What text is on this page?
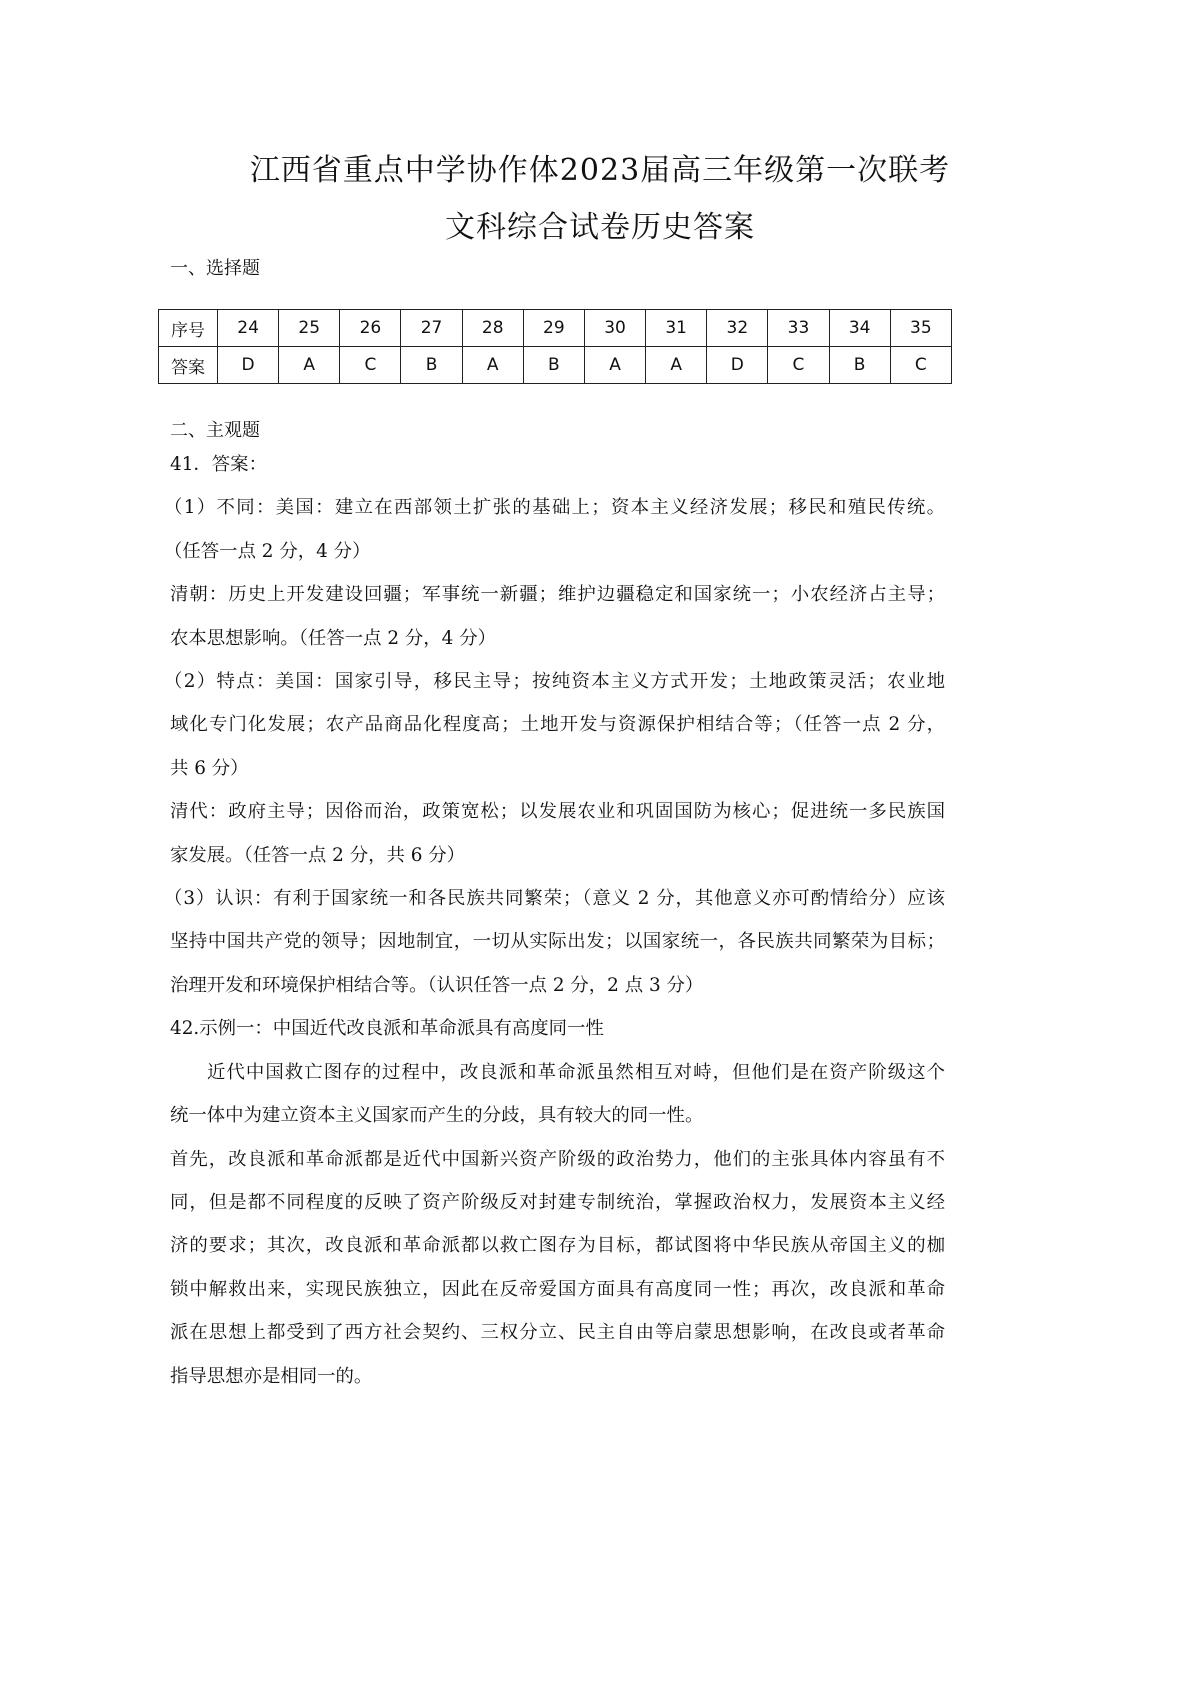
江西省重点中学协作体2023届高三年级第一次联考
文科综合试卷历史答案
一、选择题
序号	24	25	26	27	28	29	30	31	32	33	34	35
答案	D	A	C	B	A	B	A	A	D	C	B	C
二、主观题
41．答案：
（1）不同：美国：建立在西部领土扩张的基础上；资本主义经济发展；移民和殖民传统。
（任答一点 2 分，4 分）
清朝：历史上开发建设回疆；军事统一新疆；维护边疆稳定和国家统一；小农经济占主导；
农本思想影响。（任答一点 2 分，4 分）
（2）特点：美国：国家引导，移民主导；按纯资本主义方式开发；土地政策灵活；农业地
域化专门化发展；农产品商品化程度高；土地开发与资源保护相结合等；（任答一点 2 分，
共 6 分）
清代：政府主导；因俗而治，政策宽松；以发展农业和巩固国防为核心；促进统一多民族国
家发展。（任答一点 2 分，共 6 分）
（3）认识：有利于国家统一和各民族共同繁荣；（意义 2 分，其他意义亦可酌情给分）应该
坚持中国共产党的领导；因地制宜，一切从实际出发；以国家统一，各民族共同繁荣为目标；
治理开发和环境保护相结合等。（认识任答一点 2 分，2 点 3 分）
42.示例一：中国近代改良派和革命派具有高度同一性
近代中国救亡图存的过程中，改良派和革命派虽然相互对峙，但他们是在资产阶级这个
统一体中为建立资本主义国家而产生的分歧，具有较大的同一性。
首先，改良派和革命派都是近代中国新兴资产阶级的政治势力，他们的主张具体内容虽有不
同，但是都不同程度的反映了资产阶级反对封建专制统治，掌握政治权力，发展资本主义经
济的要求；其次，改良派和革命派都以救亡图存为目标，都试图将中华民族从帝国主义的枷
锁中解救出来，实现民族独立，因此在反帝爱国方面具有高度同一性；再次，改良派和革命
派在思想上都受到了西方社会契约、三权分立、民主自由等启蒙思想影响，在改良或者革命
指导思想亦是相同一的。
